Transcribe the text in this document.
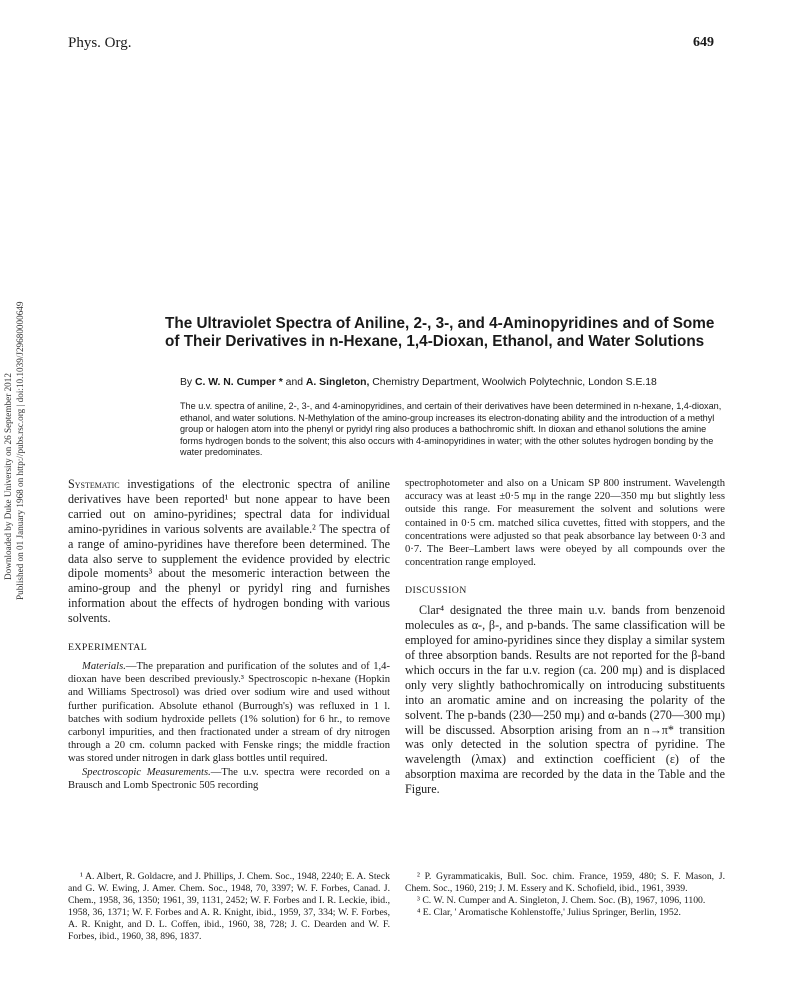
Phys. Org.	649
Downloaded by Duke University on 26 September 2012 Published on 01 January 1968 on http://pubs.rsc.org | doi:10.1039/J29680000649	The Ultraviolet Spectra of Aniline, 2-, 3-, and 4-Aminopyridines and of Some of Their Derivatives in n-Hexane, 1,4-Dioxan, Ethanol, and Water Solutions
By C. W. N. Cumper * and A. Singleton, Chemistry Department, Woolwich Polytechnic, London S.E.18
The u.v. spectra of aniline, 2-, 3-, and 4-aminopyridines, and certain of their derivatives have been determined in n-hexane, 1,4-dioxan, ethanol, and water solutions. N-Methylation of the amino-group increases its electron-donating ability and the introduction of a methyl group or halogen atom into the phenyl or pyridyl ring also produces a bathochromic shift. In dioxan and ethanol solutions the amine forms hydrogen bonds to the solvent; this also occurs with 4-aminopyridines in water; with the other solutes hydrogen bonding by the water predominates.

Systematic investigations of the electronic spectra of aniline derivatives have been reported¹ but none appear to have been carried out on amino-pyridines; spectral data for individual amino-pyridines in various solvents are available.² The spectra of a range of amino-pyridines have therefore been determined. The data also serve to supplement the evidence provided by electric dipole moments³ about the mesomeric interaction between the amino-group and the phenyl or pyridyl ring and furnishes information about the effects of hydrogen bonding with various solvents.

EXPERIMENTAL

Materials.—The preparation and purification of the solutes and of 1,4-dioxan have been described previously.³ Spectroscopic n-hexane (Hopkin and Williams Spectrosol) was dried over sodium wire and used without further purification. Absolute ethanol (Burrough's) was refluxed in 1 l. batches with sodium hydroxide pellets (1% solution) for 6 hr., to remove carbonyl impurities, and then fractionated under a stream of dry nitrogen through a 20 cm. column packed with Fenske rings; the middle fraction was stored under nitrogen in dark glass bottles until required.

Spectroscopic Measurements.—The u.v. spectra were recorded on a Brausch and Lomb Spectronic 505 recording

spectrophotometer and also on a Unicam SP 800 instrument. Wavelength accuracy was at least ±0·5 mμ in the range 220—350 mμ but slightly less outside this range. For measurement the solvent and solutions were contained in 0·5 cm. matched silica cuvettes, fitted with stoppers, and the concentrations were adjusted so that peak absorbance lay between 0·3 and 0·7. The Beer–Lambert laws were obeyed by all compounds over the concentration range employed.

DISCUSSION

Clar⁴ designated the three main u.v. bands from benzenoid molecules as α-, β-, and p-bands. The same classification will be employed for amino-pyridines since they display a similar system of three absorption bands. Results are not reported for the β-band which occurs in the far u.v. region (ca. 200 mμ) and is displaced only very slightly bathochromically on introducing substituents into an aromatic amine and on increasing the polarity of the solvent. The p-bands (230—250 mμ) and α-bands (270—300 mμ) will be discussed. Absorption arising from an n→π* transition was only detected in the solution spectra of pyridine. The wavelength (λmax) and extinction coefficient (ε) of the absorption maxima are recorded by the data in the Table and the Figure.

¹ A. Albert, R. Goldacre, and J. Phillips, J. Chem. Soc., 1948, 2240; E. A. Steck and G. W. Ewing, J. Amer. Chem. Soc., 1948, 70, 3397; W. F. Forbes, Canad. J. Chem., 1958, 36, 1350; 1961, 39, 1131, 2452; W. F. Forbes and I. R. Leckie, ibid., 1958, 36, 1371; W. F. Forbes and A. R. Knight, ibid., 1959, 37, 334; W. F. Forbes, A. R. Knight, and D. L. Coffen, ibid., 1960, 38, 728; J. C. Dearden and W. F. Forbes, ibid., 1960, 38, 896, 1837.

² P. Gyrammaticakis, Bull. Soc. chim. France, 1959, 480; S. F. Mason, J. Chem. Soc., 1960, 219; J. M. Essery and K. Schofield, ibid., 1961, 3939.

³ C. W. N. Cumper and A. Singleton, J. Chem. Soc. (B), 1967, 1096, 1100.

⁴ E. Clar, ' Aromatische Kohlenstoffe,' Julius Springer, Berlin, 1952.
